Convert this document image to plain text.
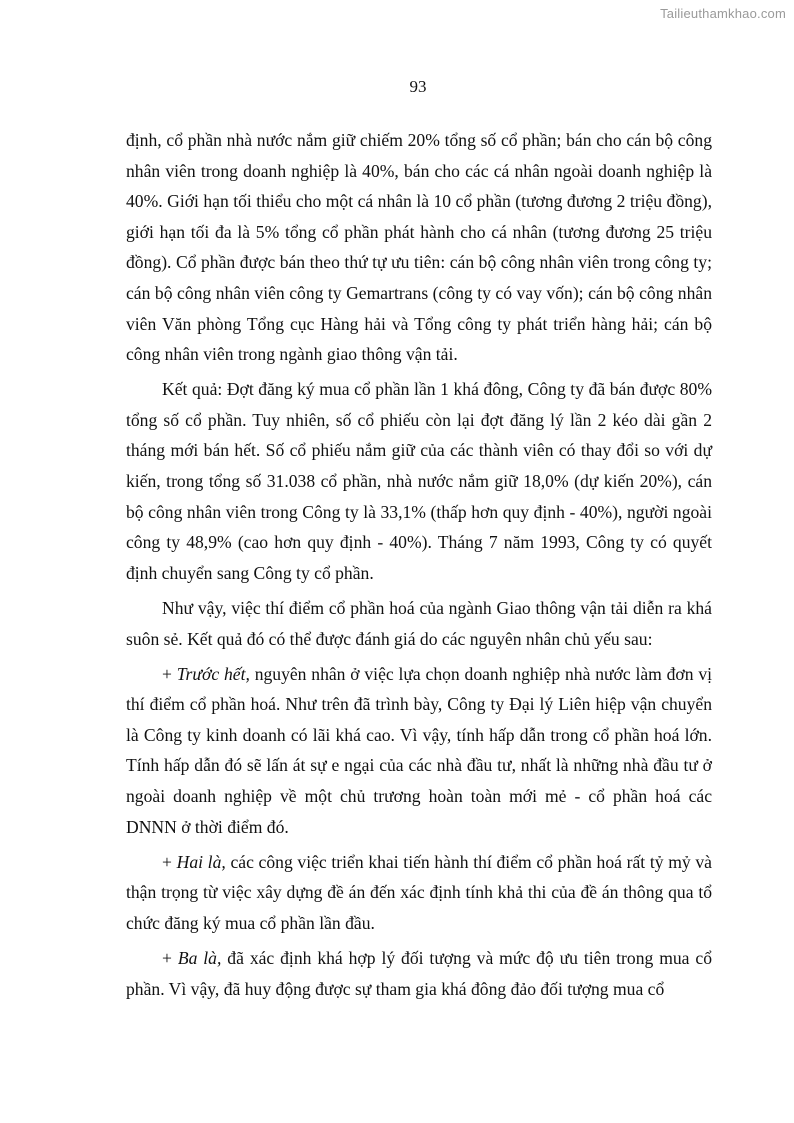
Tailieuthamkhao.com
93

định, cổ phần nhà nước nắm giữ chiếm 20% tổng số cổ phần; bán cho cán bộ công nhân viên trong doanh nghiệp là 40%, bán cho các cá nhân ngoài doanh nghiệp là 40%. Giới hạn tối thiểu cho một cá nhân là 10 cổ phần (tương đương 2 triệu đồng), giới hạn tối đa là 5% tổng cổ phần phát hành cho cá nhân (tương đương 25 triệu đồng). Cổ phần được bán theo thứ tự ưu tiên: cán bộ công nhân viên trong công ty; cán bộ công nhân viên công ty Gemartrans (công ty có vay vốn); cán bộ công nhân viên Văn phòng Tổng cục Hàng hải và Tổng công ty phát triển hàng hải; cán bộ công nhân viên trong ngành giao thông vận tải.

Kết quả: Đợt đăng ký mua cổ phần lần 1 khá đông, Công ty đã bán được 80% tổng số cổ phần. Tuy nhiên, số cổ phiếu còn lại đợt đăng lý lần 2 kéo dài gần 2 tháng mới bán hết. Số cổ phiếu nắm giữ của các thành viên có thay đổi so với dự kiến, trong tổng số 31.038 cổ phần, nhà nước nắm giữ 18,0% (dự kiến 20%), cán bộ công nhân viên trong Công ty là 33,1% (thấp hơn quy định - 40%), người ngoài công ty 48,9% (cao hơn quy định - 40%). Tháng 7 năm 1993, Công ty có quyết định chuyển sang Công ty cổ phần.

Như vậy, việc thí điểm cổ phần hoá của ngành Giao thông vận tải diễn ra khá suôn sẻ. Kết quả đó có thể được đánh giá do các nguyên nhân chủ yếu sau:

+ Trước hết, nguyên nhân ở việc lựa chọn doanh nghiệp nhà nước làm đơn vị thí điểm cổ phần hoá. Như trên đã trình bày, Công ty Đại lý Liên hiệp vận chuyển là Công ty kinh doanh có lãi khá cao. Vì vậy, tính hấp dẫn trong cổ phần hoá lớn. Tính hấp dẫn đó sẽ lấn át sự e ngại của các nhà đầu tư, nhất là những nhà đầu tư ở ngoài doanh nghiệp về một chủ trương hoàn toàn mới mẻ - cổ phần hoá các DNNN ở thời điểm đó.

+ Hai là, các công việc triển khai tiến hành thí điểm cổ phần hoá rất tỷ mỷ và thận trọng từ việc xây dựng đề án đến xác định tính khả thi của đề án thông qua tổ chức đăng ký mua cổ phần lần đầu.

+ Ba là, đã xác định khá hợp lý đối tượng và mức độ ưu tiên trong mua cổ phần. Vì vậy, đã huy động được sự tham gia khá đông đảo đối tượng mua cổ
